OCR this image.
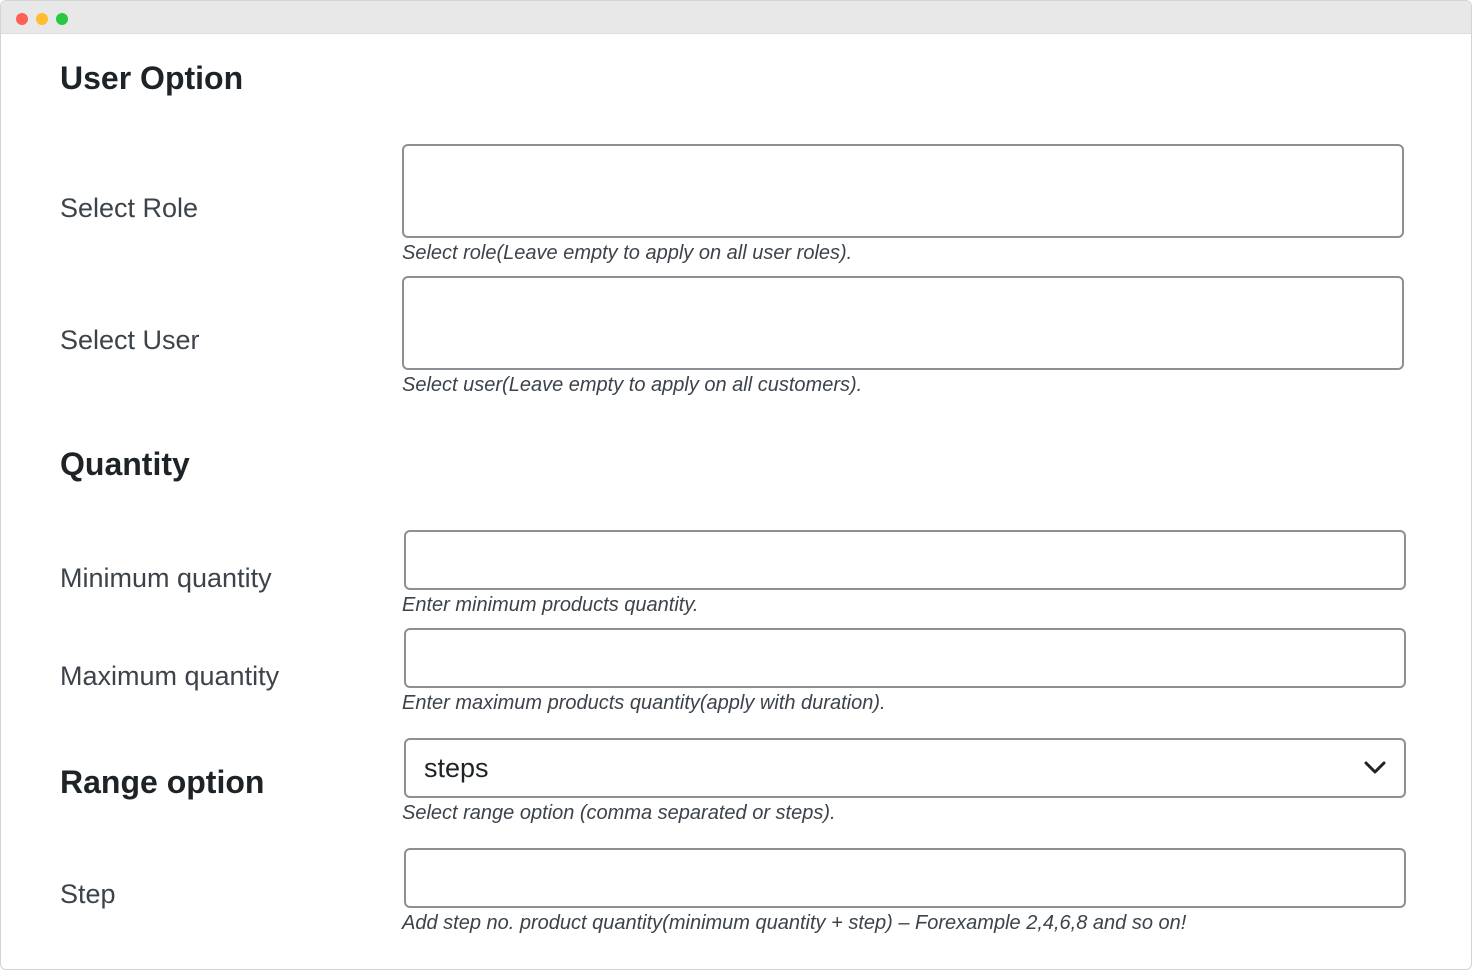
User Option
Select Role
Select role(Leave empty to apply on all user roles).
Select User
Select user(Leave empty to apply on all customers).
Quantity
Minimum quantity
Enter minimum products quantity.
Maximum quantity
Enter maximum products quantity(apply with duration).
Range option	steps
Select range option (comma separated or steps).
Step
Add step no. product quantity(minimum quantity + step) – Forexample 2,4,6,8 and so on!
